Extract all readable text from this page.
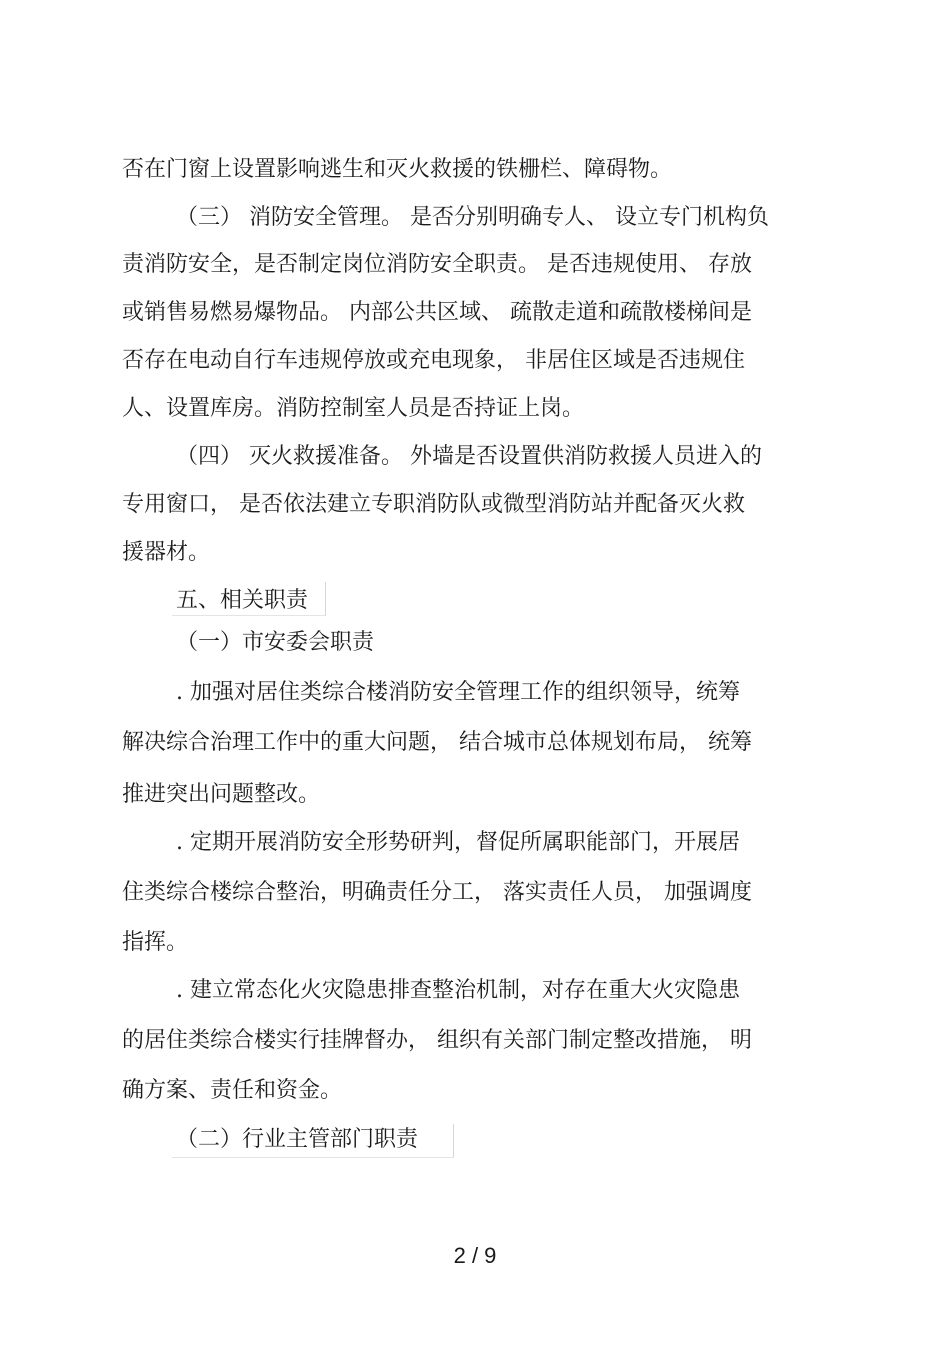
否在门窗上设置影响逃生和灭火救援的铁栅栏、障碍物。

（三） 消防安全管理。 是否分别明确专人、 设立专门机构负

责消防安全，是否制定岗位消防安全职责。 是否违规使用、 存放

或销售易燃易爆物品。 内部公共区域、 疏散走道和疏散楼梯间是

否存在电动自行车违规停放或充电现象， 非居住区域是否违规住

人、设置库房。消防控制室人员是否持证上岗。

（四） 灭火救援准备。 外墙是否设置供消防救援人员进入的

专用窗口， 是否依法建立专职消防队或微型消防站并配备灭火救

援器材。

五、相关职责

（一）市安委会职责

. 加强对居住类综合楼消防安全管理工作的组织领导，统筹

解决综合治理工作中的重大问题， 结合城市总体规划布局， 统筹

推进突出问题整改。

. 定期开展消防安全形势研判，督促所属职能部门，开展居

住类综合楼综合整治，明确责任分工， 落实责任人员， 加强调度

指挥。

. 建立常态化火灾隐患排查整治机制，对存在重大火灾隐患

的居住类综合楼实行挂牌督办， 组织有关部门制定整改措施， 明

确方案、责任和资金。

（二）行业主管部门职责

2 / 9
